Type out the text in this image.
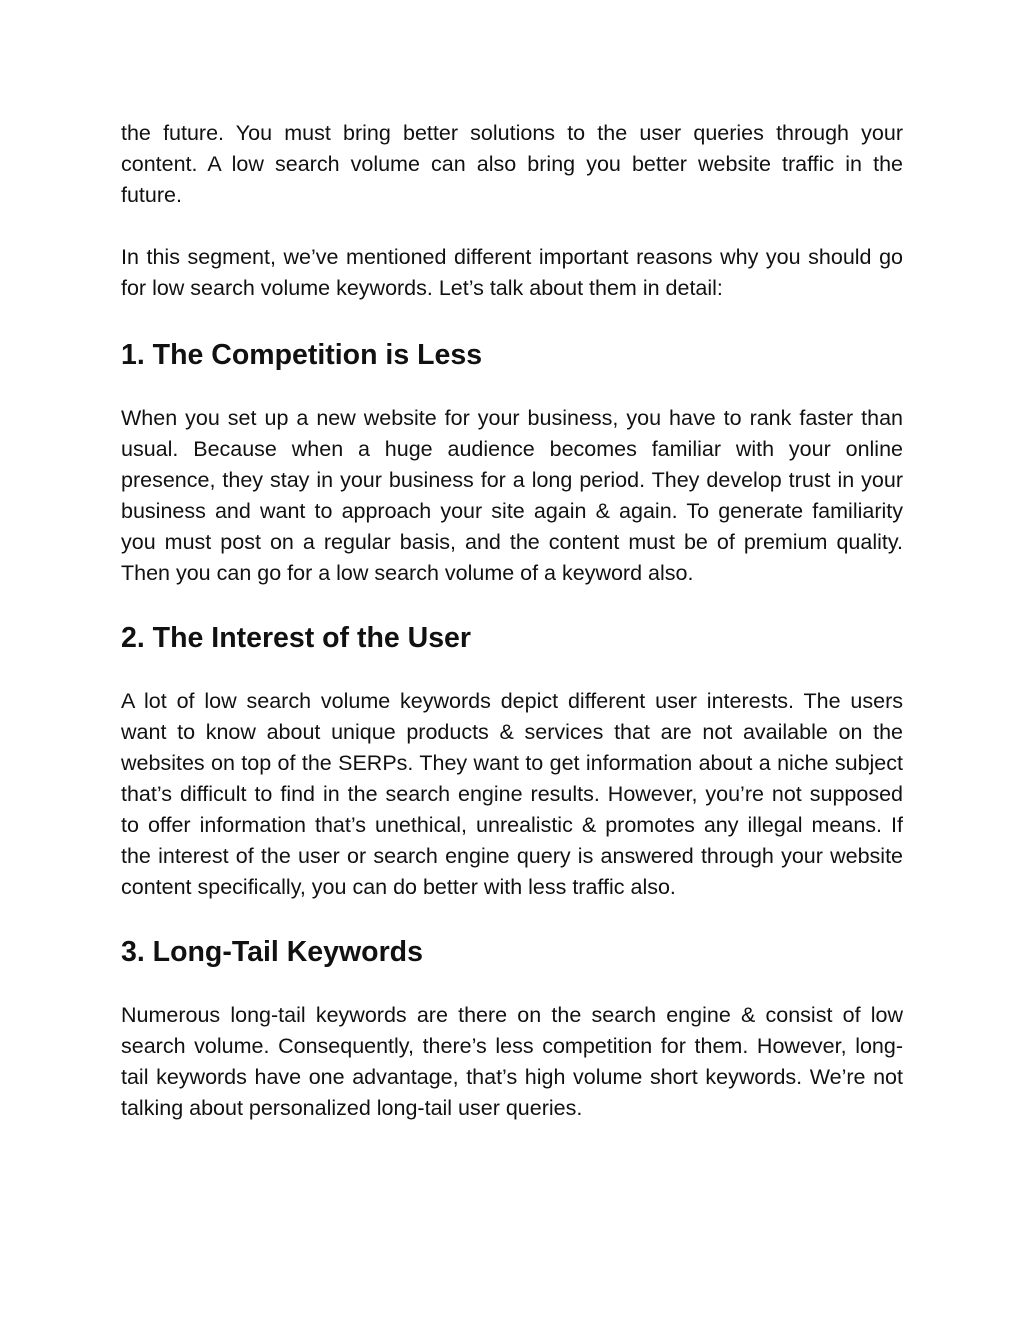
the future. You must bring better solutions to the user queries through your content. A low search volume can also bring you better website traffic in the future.

In this segment, we’ve mentioned different important reasons why you should go for low search volume keywords. Let’s talk about them in detail:

1. The Competition is Less

When you set up a new website for your business, you have to rank faster than usual. Because when a huge audience becomes familiar with your online presence, they stay in your business for a long period. They develop trust in your business and want to approach your site again & again. To generate familiarity you must post on a regular basis, and the content must be of premium quality. Then you can go for a low search volume of a keyword also.

2. The Interest of the User

A lot of low search volume keywords depict different user interests. The users want to know about unique products & services that are not available on the websites on top of the SERPs. They want to get information about a niche subject that’s difficult to find in the search engine results. However, you’re not supposed to offer information that’s unethical, unrealistic & promotes any illegal means. If the interest of the user or search engine query is answered through your website content specifically, you can do better with less traffic also.

3. Long-Tail Keywords

Numerous long-tail keywords are there on the search engine & consist of low search volume. Consequently, there’s less competition for them. However, long-tail keywords have one advantage, that’s high volume short keywords. We’re not talking about personalized long-tail user queries.
